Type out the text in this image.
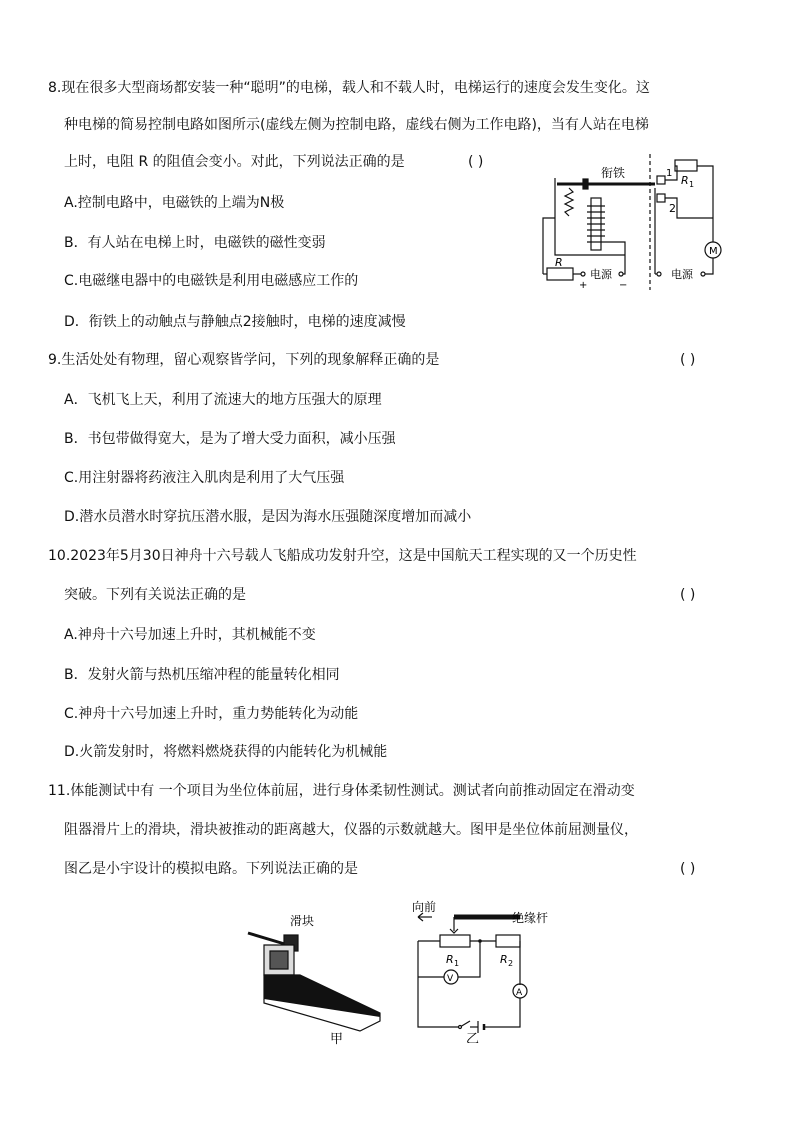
8.现在很多大型商场都安装一种“聪明”的电梯，载人和不载人时，电梯运行的速度会发生变化。这
种电梯的简易控制电路如图所示(虚线左侧为控制电路，虚线右侧为工作电路)，当有人站在电梯
上时，电阻 R 的阻值会变小。对此，下列说法正确的是	( )
A.控制电路中，电磁铁的上端为N极
B．有人站在电梯上时，电磁铁的磁性变弱
C.电磁继电器中的电磁铁是利用电磁感应工作的
D．衔铁上的动触点与静触点2接触时，电梯的速度减慢
衔铁
R 1
1
2
R
电源	电源
M
+	−
9.生活处处有物理，留心观察皆学问，下列的现象解释正确的是	( )
A．飞机飞上天，利用了流速大的地方压强大的原理
B．书包带做得宽大，是为了增大受力面积，减小压强
C.用注射器将药液注入肌肉是利用了大气压强
D.潜水员潜水时穿抗压潜水服，是因为海水压强随深度增加而减小
10.2023年5月30日神舟十六号载人飞船成功发射升空，这是中国航天工程实现的又一个历史性
突破。下列有关说法正确的是	( )
A.神舟十六号加速上升时，其机械能不变
B．发射火箭与热机压缩冲程的能量转化相同
C.神舟十六号加速上升时，重力势能转化为动能
D.火箭发射时，将燃料燃烧获得的内能转化为机械能
11.体能测试中有 一个项目为坐位体前屈，进行身体柔韧性测试。测试者向前推动固定在滑动变
阻器滑片上的滑块，滑块被推动的距离越大，仪器的示数就越大。图甲是坐位体前屈测量仪，
图乙是小宇设计的模拟电路。下列说法正确的是	( )
滑块
甲
向前
绝缘杆
R 1	R 2
V
A
乙
